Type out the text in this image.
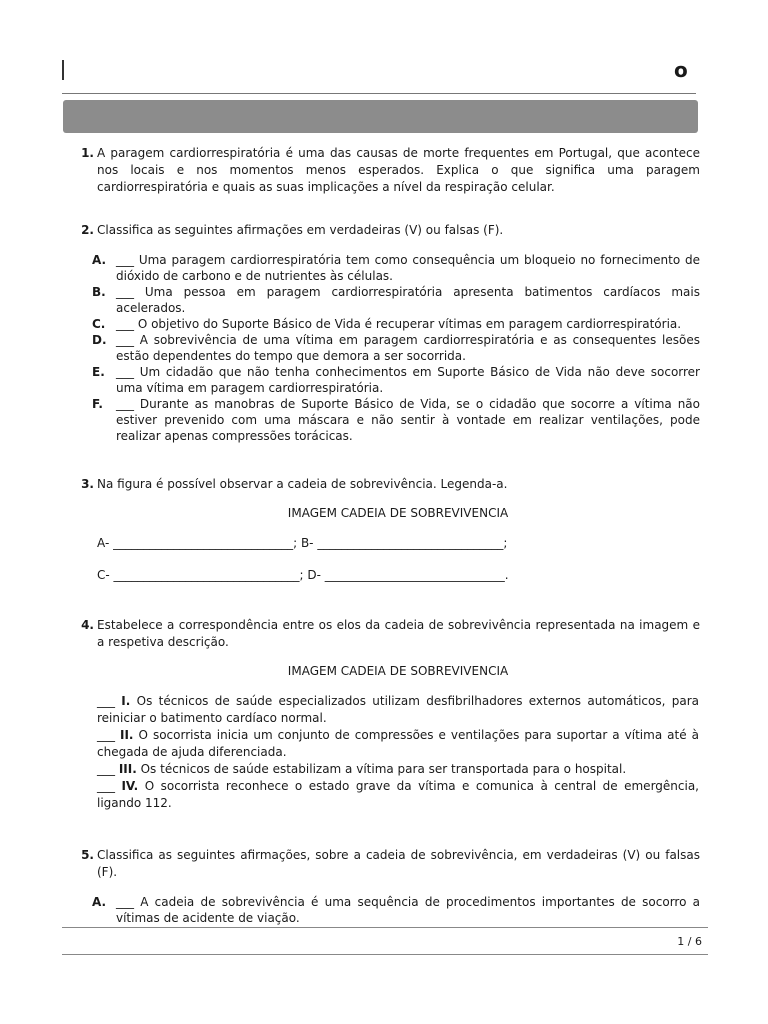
o
1. A paragem cardiorrespiratória é uma das causas de morte frequentes em Portugal, que acontece nos locais e nos momentos menos esperados. Explica o que significa uma paragem cardiorrespiratória e quais as suas implicações a nível da respiração celular.
2. Classifica as seguintes afirmações em verdadeiras (V) ou falsas (F).
A. ___ Uma paragem cardiorrespiratória tem como consequência um bloqueio no fornecimento de dióxido de carbono e de nutrientes às células.
B. ___ Uma pessoa em paragem cardiorrespiratória apresenta batimentos cardíacos mais acelerados.
C. ___ O objetivo do Suporte Básico de Vida é recuperar vítimas em paragem cardiorrespiratória.
D. ___ A sobrevivência de uma vítima em paragem cardiorrespiratória e as consequentes lesões estão dependentes do tempo que demora a ser socorrida.
E. ___ Um cidadão que não tenha conhecimentos em Suporte Básico de Vida não deve socorrer uma vítima em paragem cardiorrespiratória.
F.	___ Durante as manobras de Suporte Básico de Vida, se o cidadão que socorre a vítima não estiver prevenido com uma máscara e não sentir à vontade em realizar ventilações, pode realizar apenas compressões torácicas.
3. Na figura é possível observar a cadeia de sobrevivência. Legenda-a.
IMAGEM CADEIA DE SOBREVIVENCIA
A- ______________________________; B- _______________________________;
C- _______________________________; D- ______________________________.
4. Estabelece a correspondência entre os elos da cadeia de sobrevivência representada na imagem e a respetiva descrição.
IMAGEM CADEIA DE SOBREVIVENCIA
___ I. Os técnicos de saúde especializados utilizam desfibrilhadores externos automáticos, para reiniciar o batimento cardíaco normal.
___ II. O socorrista inicia um conjunto de compressões e ventilações para suportar a vítima até à chegada de ajuda diferenciada.
___ III. Os técnicos de saúde estabilizam a vítima para ser transportada para o hospital.
___ IV. O socorrista reconhece o estado grave da vítima e comunica à central de emergência, ligando 112.
5. Classifica as seguintes afirmações, sobre a cadeia de sobrevivência, em verdadeiras (V) ou falsas (F).
A. ___ A cadeia de sobrevivência é uma sequência de procedimentos importantes de socorro a vítimas de acidente de viação.
1 / 6
